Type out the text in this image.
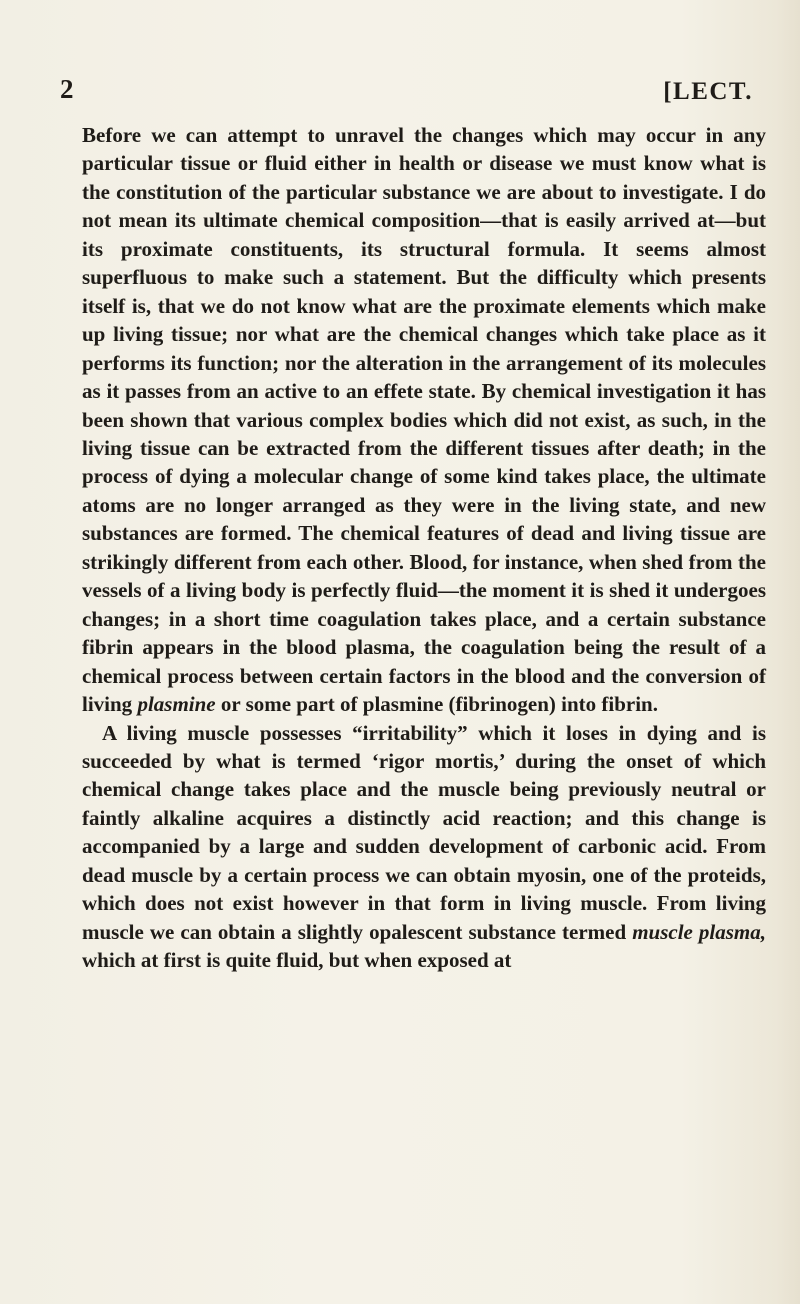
2	[LECT.

Before we can attempt to unravel the changes which may occur in any particular tissue or fluid either in health or disease we must know what is the constitution of the particular substance we are about to investigate. I do not mean its ultimate chemical composition—that is easily arrived at—but its proximate constituents, its structural formula. It seems almost superfluous to make such a statement. But the difficulty which presents itself is, that we do not know what are the proximate elements which make up living tissue; nor what are the chemical changes which take place as it performs its function; nor the alteration in the arrangement of its molecules as it passes from an active to an effete state. By chemical investigation it has been shown that various complex bodies which did not exist, as such, in the living tissue can be extracted from the different tissues after death; in the process of dying a molecular change of some kind takes place, the ultimate atoms are no longer arranged as they were in the living state, and new substances are formed. The chemical features of dead and living tissue are strikingly different from each other. Blood, for instance, when shed from the vessels of a living body is perfectly fluid—the moment it is shed it undergoes changes; in a short time coagulation takes place, and a certain substance fibrin appears in the blood plasma, the coagulation being the result of a chemical process between certain factors in the blood and the conversion of living plasmine or some part of plasmine (fibrinogen) into fibrin.

A living muscle possesses “irritability” which it loses in dying and is succeeded by what is termed ‘rigor mortis,’ during the onset of which chemical change takes place and the muscle being previously neutral or faintly alkaline acquires a distinctly acid reaction; and this change is accompanied by a large and sudden development of carbonic acid. From dead muscle by a certain process we can obtain myosin, one of the proteids, which does not exist however in that form in living muscle. From living muscle we can obtain a slightly opalescent substance termed muscle plasma, which at first is quite fluid, but when exposed at
